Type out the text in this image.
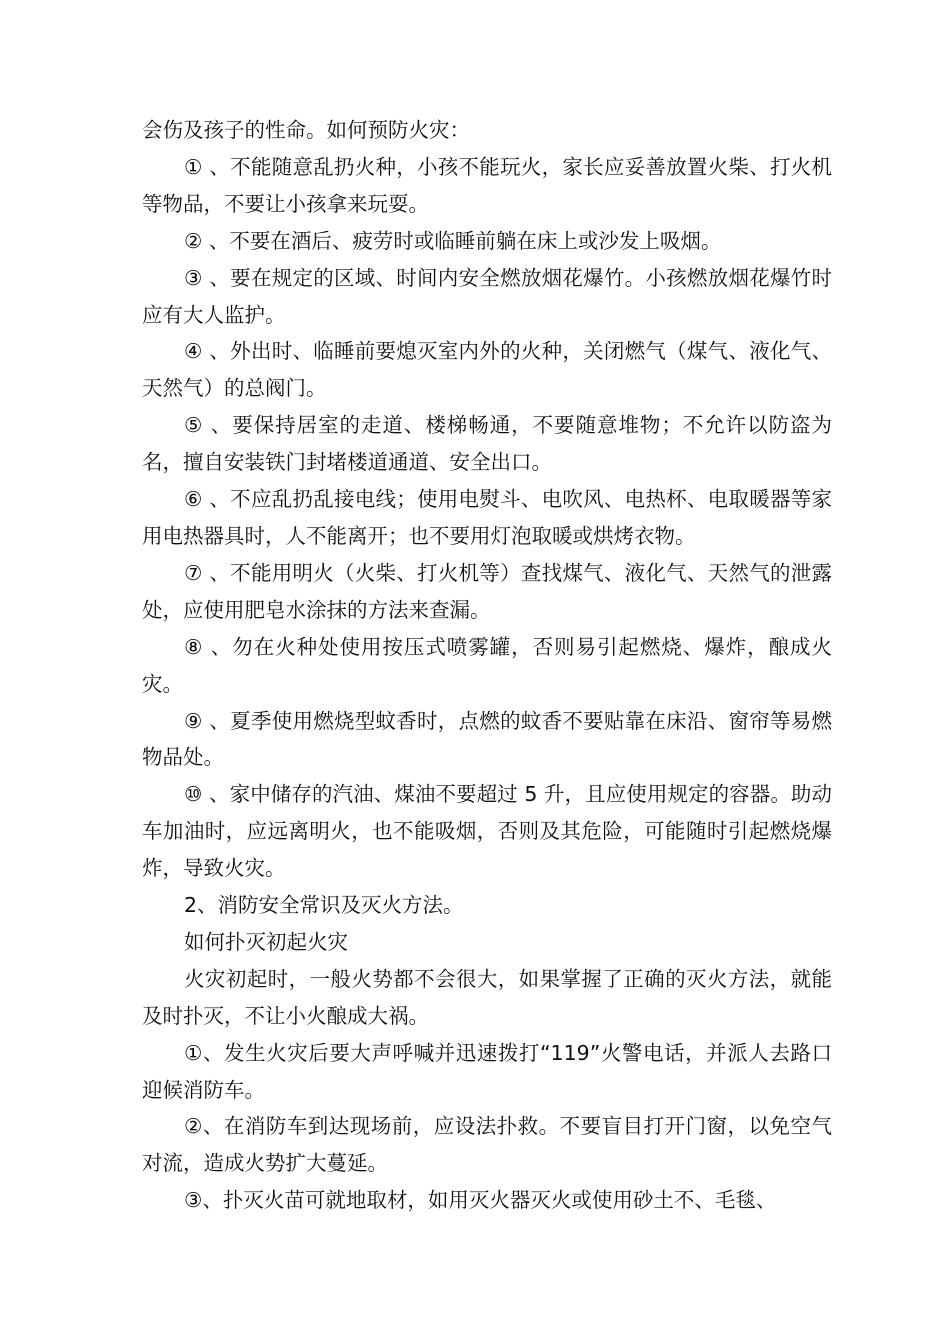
会伤及孩子的性命。如何预防火灾：

① 、不能随意乱扔火种，小孩不能玩火，家长应妥善放置火柴、打火机等物品，不要让小孩拿来玩耍。

② 、不要在酒后、疲劳时或临睡前躺在床上或沙发上吸烟。

③ 、要在规定的区域、时间内安全燃放烟花爆竹。小孩燃放烟花爆竹时应有大人监护。

④ 、外出时、临睡前要熄灭室内外的火种，关闭燃气（煤气、液化气、天然气）的总阀门。

⑤ 、要保持居室的走道、楼梯畅通，不要随意堆物；不允许以防盗为名，擅自安装铁门封堵楼道通道、安全出口。

⑥ 、不应乱扔乱接电线；使用电熨斗、电吹风、电热杯、电取暖器等家用电热器具时，人不能离开；也不要用灯泡取暖或烘烤衣物。

⑦ 、不能用明火（火柴、打火机等）查找煤气、液化气、天然气的泄露处，应使用肥皂水涂抹的方法来查漏。

⑧ 、勿在火种处使用按压式喷雾罐，否则易引起燃烧、爆炸，酿成火灾。

⑨ 、夏季使用燃烧型蚊香时，点燃的蚊香不要贴靠在床沿、窗帘等易燃物品处。

⑩ 、家中储存的汽油、煤油不要超过 5 升，且应使用规定的容器。助动车加油时，应远离明火，也不能吸烟，否则及其危险，可能随时引起燃烧爆炸，导致火灾。

2、消防安全常识及灭火方法。

如何扑灭初起火灾

火灾初起时，一般火势都不会很大，如果掌握了正确的灭火方法，就能及时扑灭，不让小火酿成大祸。

①、发生火灾后要大声呼喊并迅速拨打“119”火警电话，并派人去路口迎候消防车。

②、在消防车到达现场前，应设法扑救。不要盲目打开门窗，以免空气对流，造成火势扩大蔓延。

③、扑灭火苗可就地取材，如用灭火器灭火或使用砂土不、毛毯、
